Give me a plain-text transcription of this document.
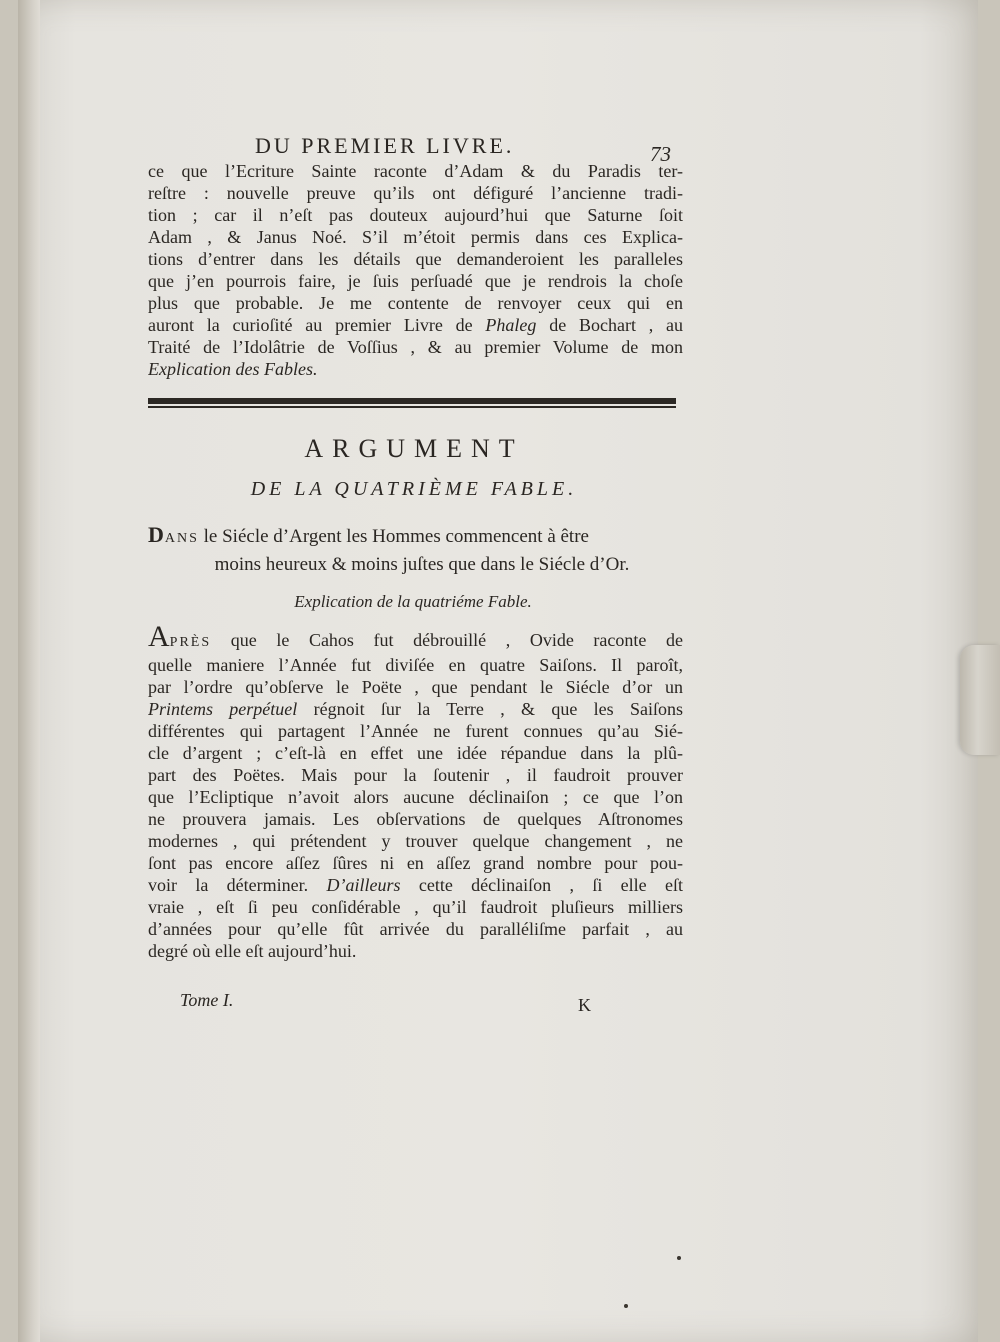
DU PREMIER LIVRE.	73
ce que l’Ecriture Sainte raconte d’Adam & du Paradis ter-
reſtre : nouvelle preuve qu’ils ont défiguré l’ancienne tradi-
tion ; car il n’eſt pas douteux aujourd’hui que Saturne ſoit
Adam , & Janus Noé. S’il m’étoit permis dans ces Explica-
tions d’entrer dans les détails que demanderoient les paralleles
que j’en pourrois faire, je ſuis perſuadé que je rendrois la choſe
plus que probable. Je me contente de renvoyer ceux qui en
auront la curioſité au premier Livre de Phaleg de Bochart , au
Traité de l’Idolâtrie de Voſſius , & au premier Volume de mon
Explication des Fables.
ARGUMENT
DE LA QUATRIÈME FABLE.
DANS le Siécle d’Argent les Hommes commencent à être
moins heureux & moins juſtes que dans le Siécle d’Or.
Explication de la quatriéme Fable.
APRÈS que le Cahos fut débrouillé , Ovide raconte de
quelle maniere l’Année fut diviſée en quatre Saiſons. Il paroît,
par l’ordre qu’obſerve le Poëte , que pendant le Siécle d’or un
Printems perpétuel régnoit ſur la Terre , & que les Saiſons
différentes qui partagent l’Année ne furent connues qu’au Sié-
cle d’argent ; c’eſt-là en effet une idée répandue dans la plû-
part des Poëtes. Mais pour la ſoutenir , il faudroit prouver
que l’Ecliptique n’avoit alors aucune déclinaiſon ; ce que l’on
ne prouvera jamais. Les obſervations de quelques Aſtronomes
modernes , qui prétendent y trouver quelque changement , ne
ſont pas encore aſſez ſûres ni en aſſez grand nombre pour pou-
voir la déterminer. D’ailleurs cette déclinaiſon , ſi elle eſt
vraie , eſt ſi peu conſidérable , qu’il faudroit pluſieurs milliers
d’années pour qu’elle fût arrivée du paralléliſme parfait , au
degré où elle eſt aujourd’hui.
Tome I.	K
